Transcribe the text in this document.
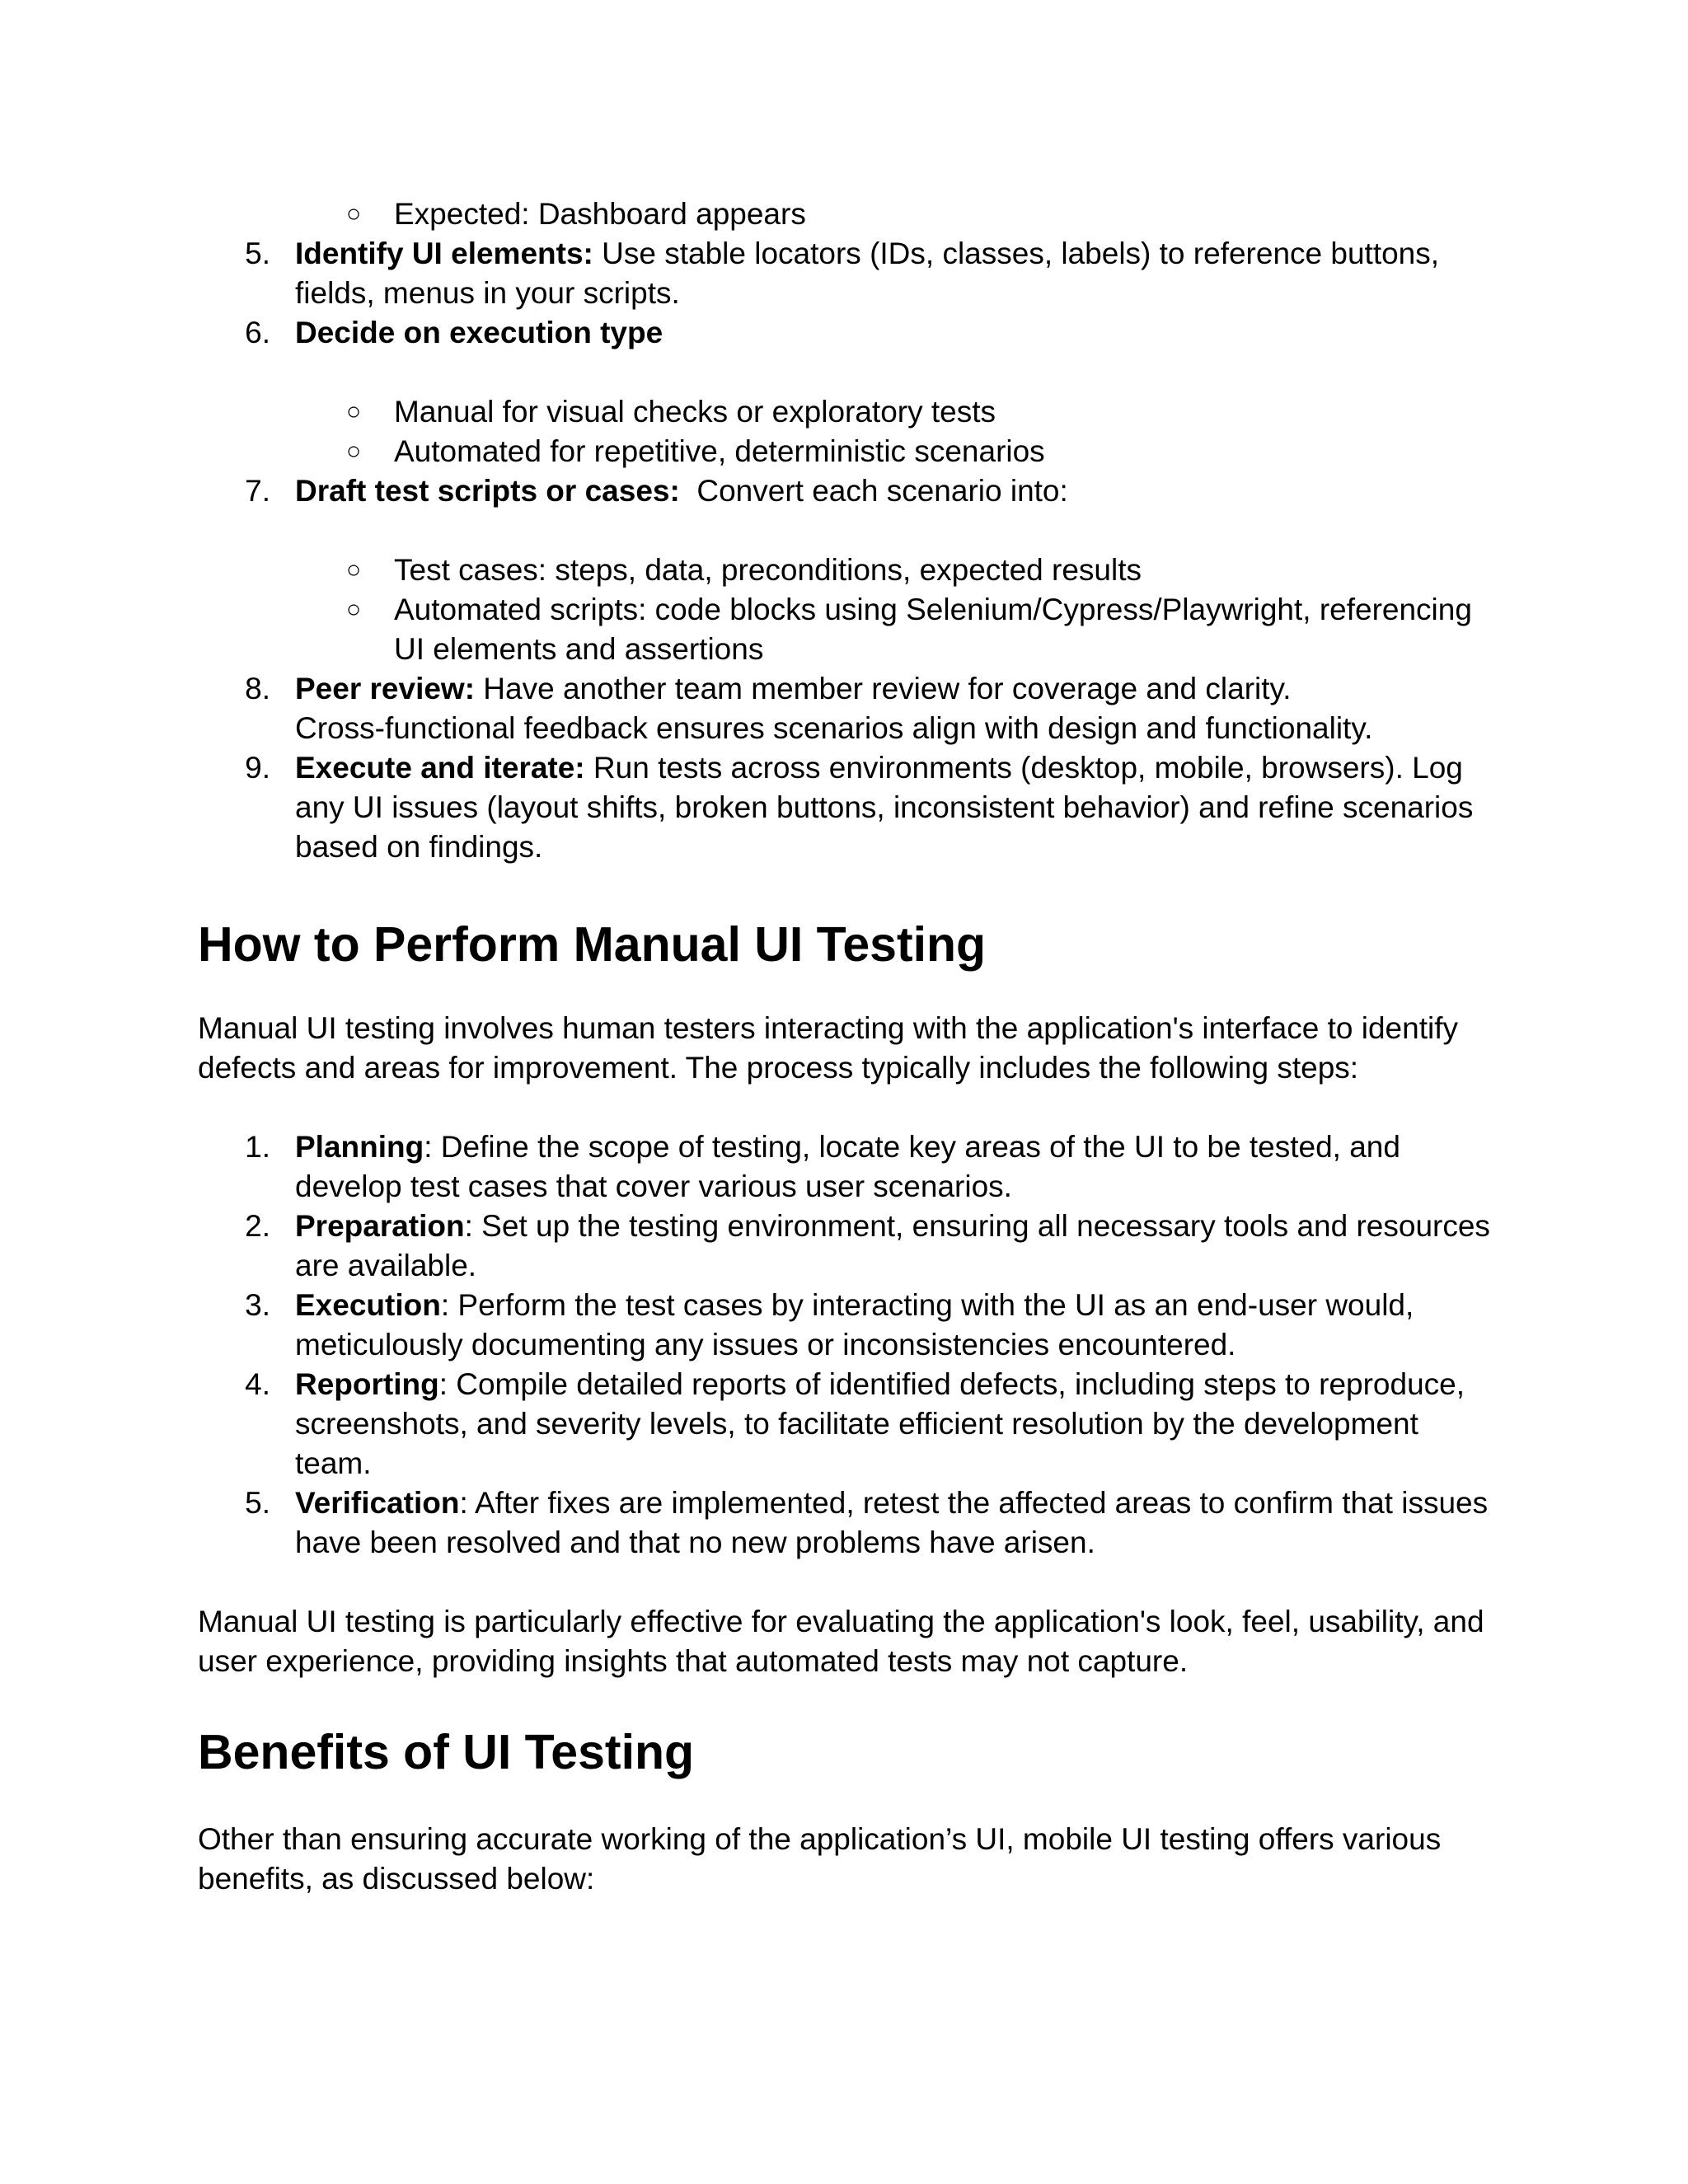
○ Expected: Dashboard appears
5. Identify UI elements: Use stable locators (IDs, classes, labels) to reference buttons,
fields, menus in your scripts.
6. Decide on execution type
○ Manual for visual checks or exploratory tests
○ Automated for repetitive, deterministic scenarios
7. Draft test scripts or cases:  Convert each scenario into:
○ Test cases: steps, data, preconditions, expected results
○ Automated scripts: code blocks using Selenium/Cypress/Playwright, referencing
UI elements and assertions
8. Peer review: Have another team member review for coverage and clarity.
Cross-functional feedback ensures scenarios align with design and functionality.
9. Execute and iterate: Run tests across environments (desktop, mobile, browsers). Log
any UI issues (layout shifts, broken buttons, inconsistent behavior) and refine scenarios
based on findings.
How to Perform Manual UI Testing
Manual UI testing involves human testers interacting with the application's interface to identify
defects and areas for improvement. The process typically includes the following steps:
1. Planning: Define the scope of testing, locate key areas of the UI to be tested, and
develop test cases that cover various user scenarios.
2. Preparation: Set up the testing environment, ensuring all necessary tools and resources
are available.
3. Execution: Perform the test cases by interacting with the UI as an end-user would,
meticulously documenting any issues or inconsistencies encountered.
4. Reporting: Compile detailed reports of identified defects, including steps to reproduce,
screenshots, and severity levels, to facilitate efficient resolution by the development
team.
5. Verification: After fixes are implemented, retest the affected areas to confirm that issues
have been resolved and that no new problems have arisen.
Manual UI testing is particularly effective for evaluating the application's look, feel, usability, and
user experience, providing insights that automated tests may not capture.
Benefits of UI Testing
Other than ensuring accurate working of the application’s UI, mobile UI testing offers various
benefits, as discussed below:
